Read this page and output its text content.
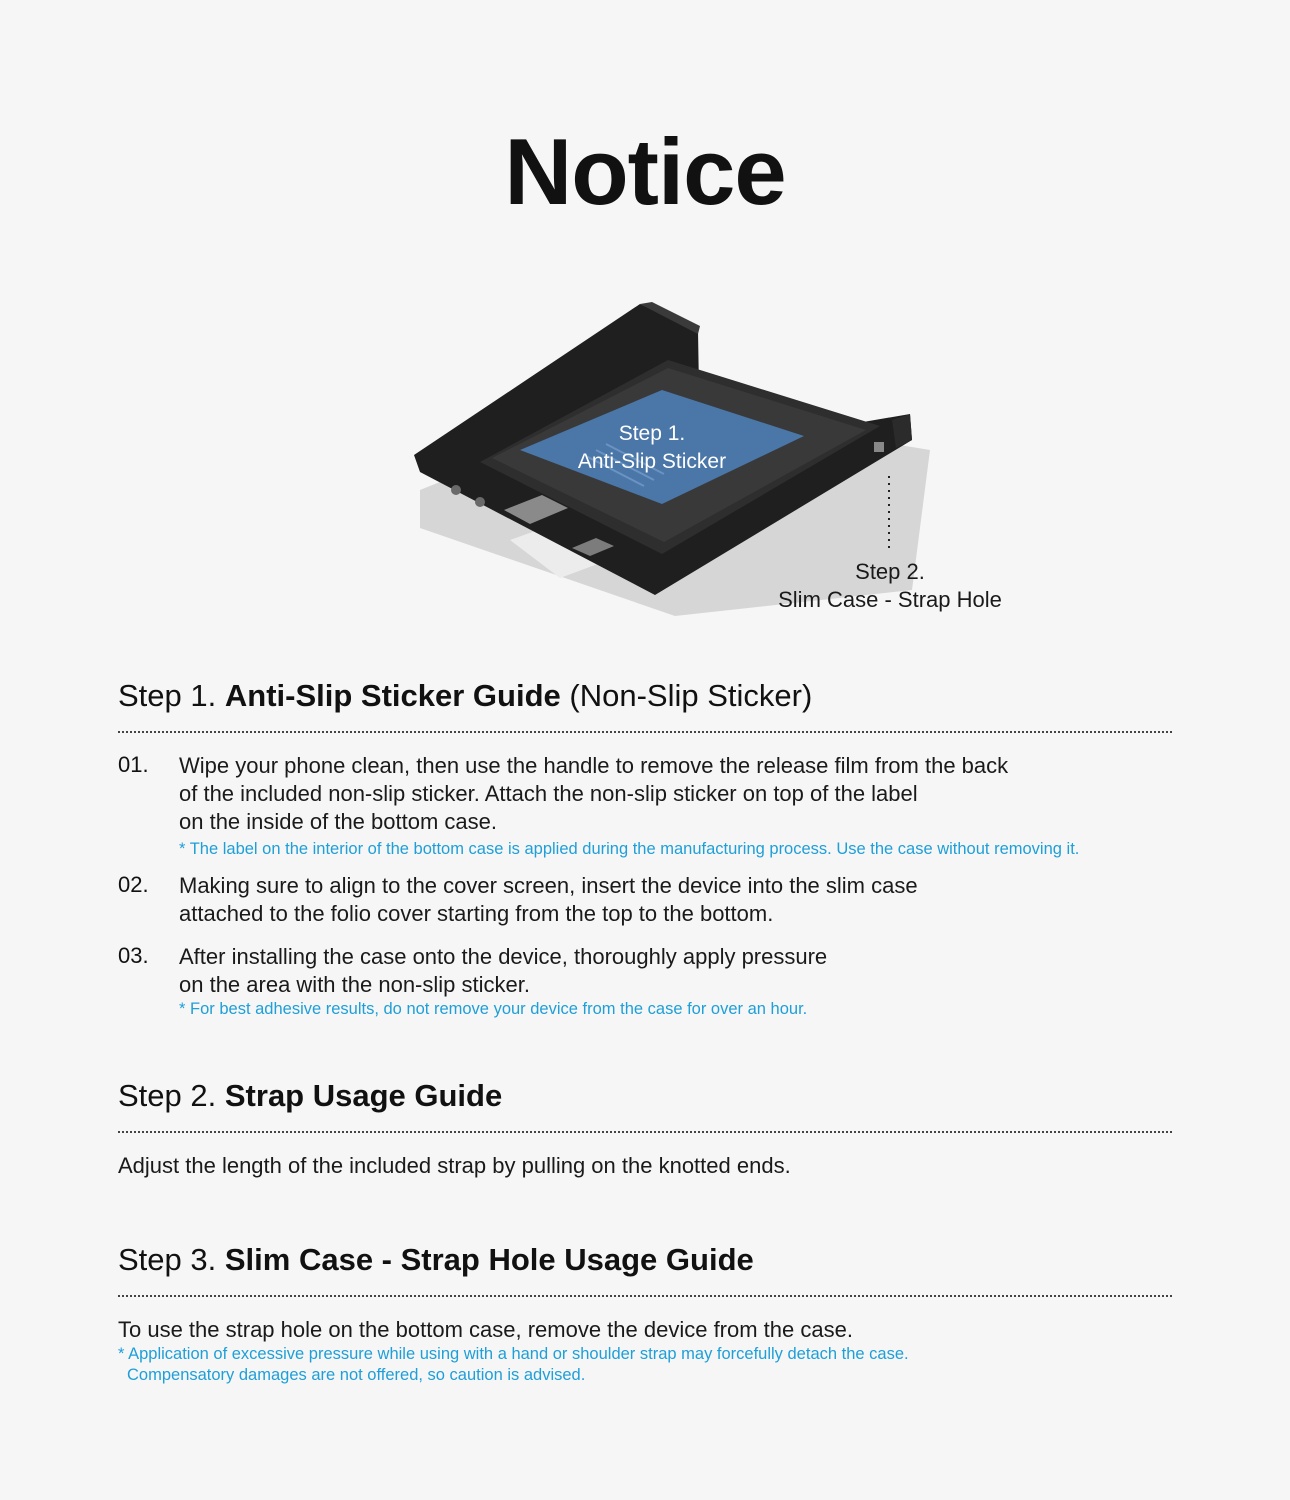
Notice
Step 1.
Anti-Slip Sticker
Step 2.
Slim Case - Strap Hole
Step 1. Anti-Slip Sticker Guide (Non-Slip Sticker)
01. Wipe your phone clean, then use the handle to remove the release film from the back
of the included non-slip sticker. Attach the non-slip sticker on top of the label
on the inside of the bottom case.
* The label on the interior of the bottom case is applied during the manufacturing process. Use the case without removing it.
02. Making sure to align to the cover screen, insert the device into the slim case
attached to the folio cover starting from the top to the bottom.
03. After installing the case onto the device, thoroughly apply pressure
on the area with the non-slip sticker.
* For best adhesive results, do not remove your device from the case for over an hour.
Step 2. Strap Usage Guide
Adjust the length of the included strap by pulling on the knotted ends.
Step 3. Slim Case - Strap Hole Usage Guide
To use the strap hole on the bottom case, remove the device from the case.
* Application of excessive pressure while using with a hand or shoulder strap may forcefully detach the case.
Compensatory damages are not offered, so caution is advised.
